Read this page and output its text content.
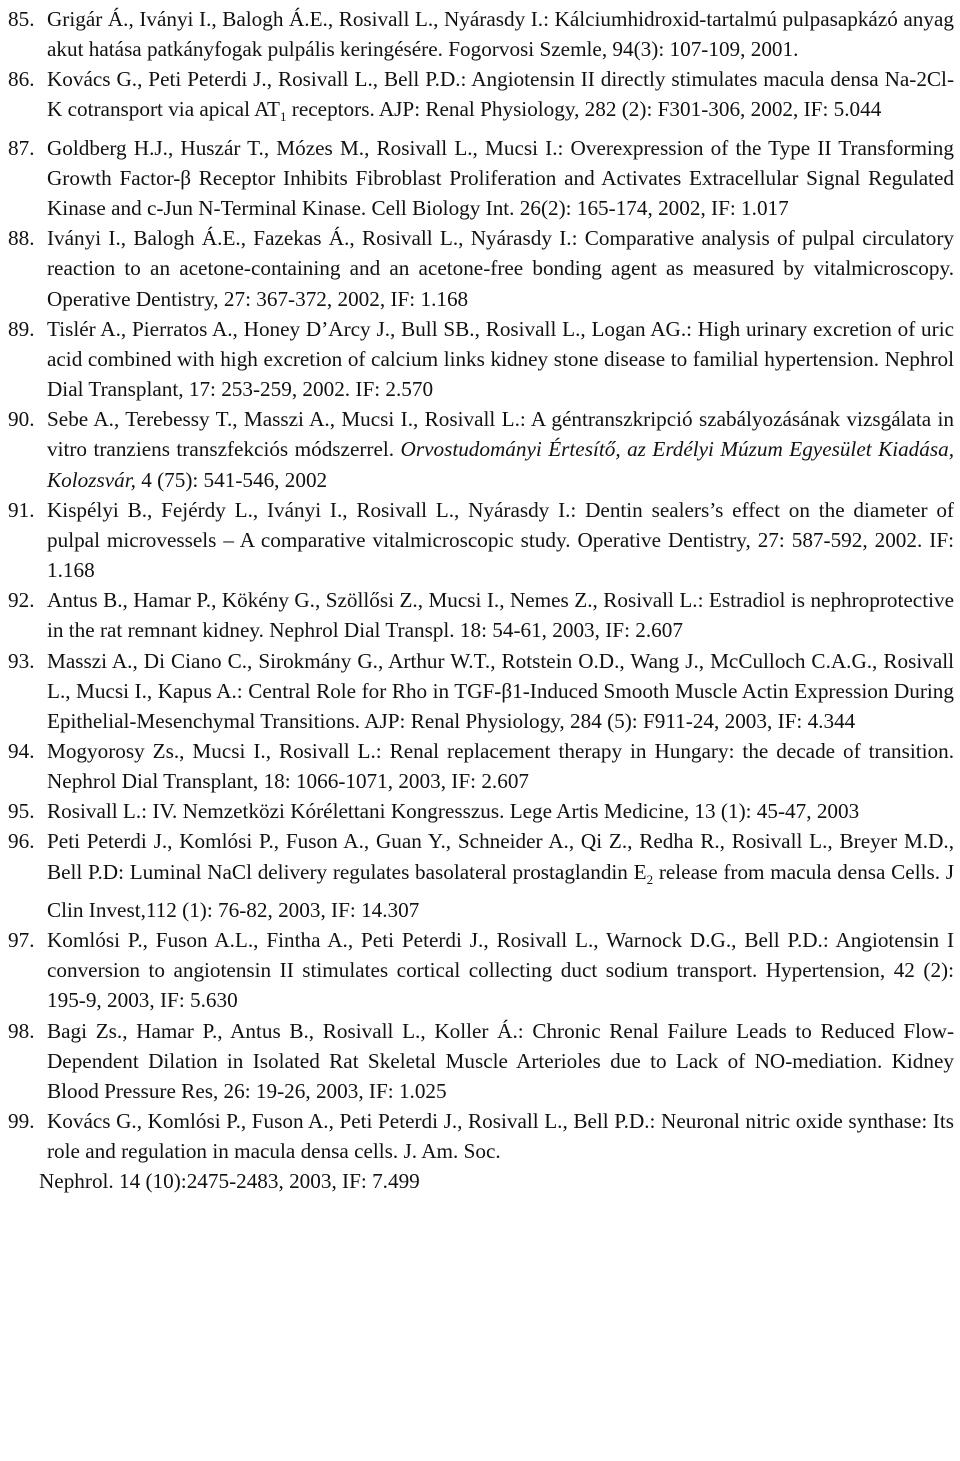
85. Grigár Á., Iványi I., Balogh Á.E., Rosivall L., Nyárasdy I.: Kálciumhidroxid-tartalmú pulpasapkázó anyag akut hatása patkányfogak pulpális keringésére. Fogorvosi Szemle, 94(3): 107-109, 2001.
86. Kovács G., Peti Peterdi J., Rosivall L., Bell P.D.: Angiotensin II directly stimulates macula densa Na-2Cl-K cotransport via apical $AT_1$ receptors. AJP: Renal Physiology, 282 (2): F301-306, 2002, IF: 5.044
87. Goldberg H.J., Huszár T., Mózes M., Rosivall L., Mucsi I.: Overexpression of the Type II Transforming Growth Factor-β Receptor Inhibits Fibroblast Proliferation and Activates Extracellular Signal Regulated Kinase and c-Jun N-Terminal Kinase. Cell Biology Int. 26(2): 165-174, 2002, IF: 1.017
88. Iványi I., Balogh Á.E., Fazekas Á., Rosivall L., Nyárasdy I.: Comparative analysis of pulpal circulatory reaction to an acetone-containing and an acetone-free bonding agent as measured by vitalmicroscopy. Operative Dentistry, 27: 367-372, 2002, IF: 1.168
89. Tislér A., Pierratos A., Honey D’Arcy J., Bull SB., Rosivall L., Logan AG.: High urinary excretion of uric acid combined with high excretion of calcium links kidney stone disease to familial hypertension. Nephrol Dial Transplant, 17: 253-259, 2002. IF: 2.570
90. Sebe A., Terebessy T., Masszi A., Mucsi I., Rosivall L.: A géntranszkripció szabályozásának vizsgálata in vitro tranziens transzfekciós módszerrel. Orvostudományi Értesítő, az Erdélyi Múzum Egyesület Kiadása, Kolozsvár, 4 (75): 541-546, 2002
91. Kispélyi B., Fejérdy L., Iványi I., Rosivall L., Nyárasdy I.: Dentin sealers’s effect on the diameter of pulpal microvessels – A comparative vitalmicroscopic study. Operative Dentistry, 27: 587-592, 2002. IF: 1.168
92. Antus B., Hamar P., Kökény G., Szöllősi Z., Mucsi I., Nemes Z., Rosivall L.: Estradiol is nephroprotective in the rat remnant kidney. Nephrol Dial Transpl. 18: 54-61, 2003, IF: 2.607
93. Masszi A., Di Ciano C., Sirokmány G., Arthur W.T., Rotstein O.D., Wang J., McCulloch C.A.G., Rosivall L., Mucsi I., Kapus A.: Central Role for Rho in TGF-β1-Induced Smooth Muscle Actin Expression During Epithelial-Mesenchymal Transitions. AJP: Renal Physiology, 284 (5): F911-24, 2003, IF: 4.344
94. Mogyorosy Zs., Mucsi I., Rosivall L.: Renal replacement therapy in Hungary: the decade of transition. Nephrol Dial Transplant, 18: 1066-1071, 2003, IF: 2.607
95. Rosivall L.: IV. Nemzetközi Kórélettani Kongresszus. Lege Artis Medicine, 13 (1): 45-47, 2003
96. Peti Peterdi J., Komlósi P., Fuson A., Guan Y., Schneider A., Qi Z., Redha R., Rosivall L., Breyer M.D., Bell P.D: Luminal NaCl delivery regulates basolateral prostaglandin $E_2$ release from macula densa Cells. J Clin Invest,112 (1): 76-82, 2003, IF: 14.307
97. Komlósi P., Fuson A.L., Fintha A., Peti Peterdi J., Rosivall L., Warnock D.G., Bell P.D.: Angiotensin I conversion to angiotensin II stimulates cortical collecting duct sodium transport. Hypertension, 42 (2): 195-9, 2003, IF: 5.630
98. Bagi Zs., Hamar P., Antus B., Rosivall L., Koller Á.: Chronic Renal Failure Leads to Reduced Flow-Dependent Dilation in Isolated Rat Skeletal Muscle Arterioles due to Lack of NO-mediation. Kidney Blood Pressure Res, 26: 19-26, 2003, IF: 1.025
99. Kovács G., Komlósi P., Fuson A., Peti Peterdi J., Rosivall L., Bell P.D.: Neuronal nitric oxide synthase: Its role and regulation in macula densa cells. J. Am. Soc.
Nephrol. 14 (10):2475-2483, 2003, IF: 7.499
